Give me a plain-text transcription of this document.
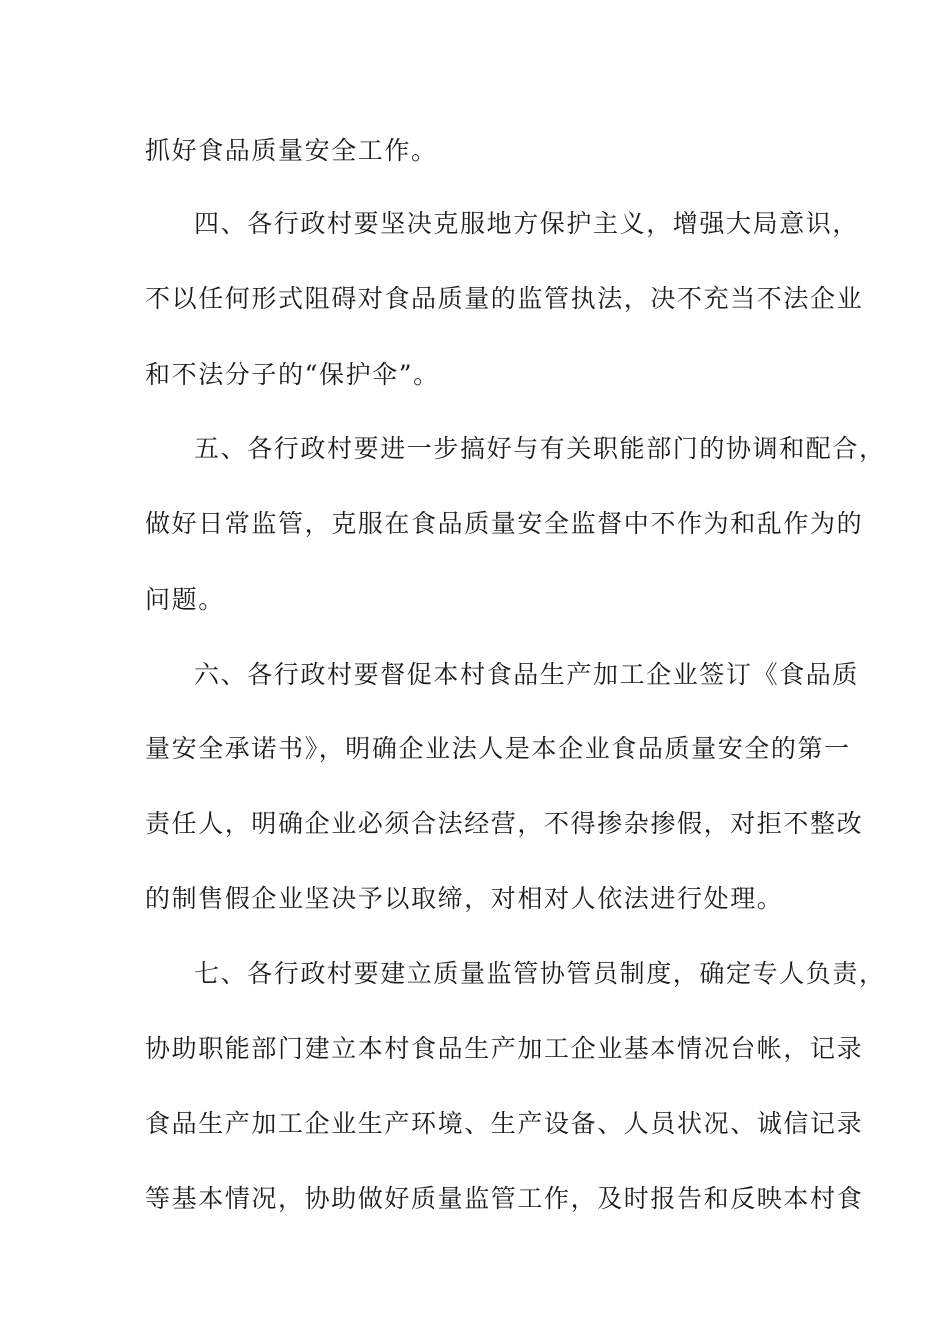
抓好食品质量安全工作。
四、各行政村要坚决克服地方保护主义，增强大局意识，
不以任何形式阻碍对食品质量的监管执法，决不充当不法企业
和不法分子的“保护伞”。
五、各行政村要进一步搞好与有关职能部门的协调和配合，
做好日常监管，克服在食品质量安全监督中不作为和乱作为的
问题。
六、各行政村要督促本村食品生产加工企业签订《食品质
量安全承诺书》，明确企业法人是本企业食品质量安全的第一
责任人，明确企业必须合法经营，不得掺杂掺假，对拒不整改
的制售假企业坚决予以取缔，对相对人依法进行处理。
七、各行政村要建立质量监管协管员制度，确定专人负责，
协助职能部门建立本村食品生产加工企业基本情况台帐，记录
食品生产加工企业生产环境、生产设备、人员状况、诚信记录
等基本情况，协助做好质量监管工作，及时报告和反映本村食
